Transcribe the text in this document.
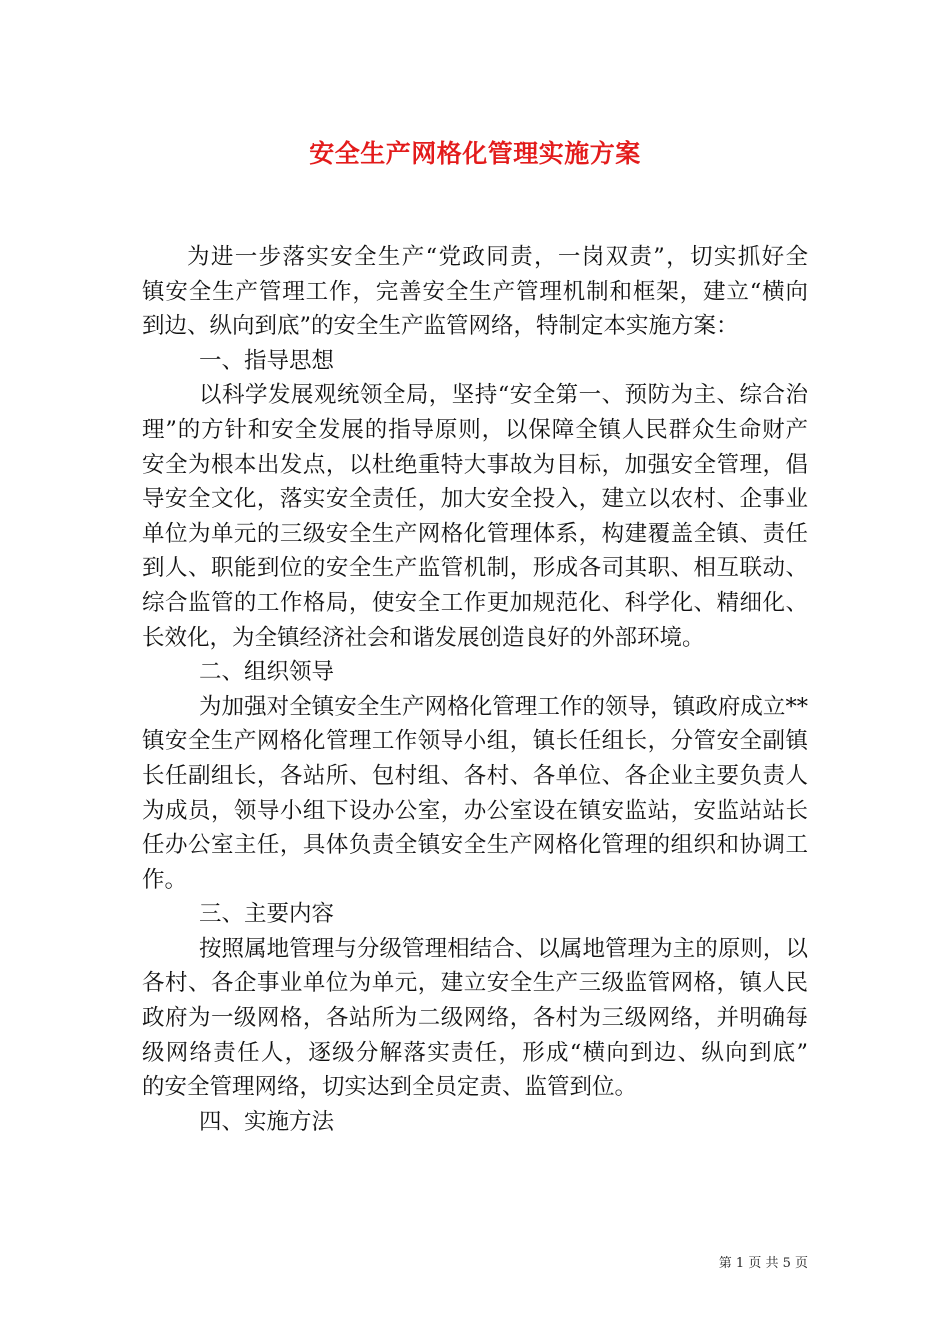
安全生产网格化管理实施方案
为进一步落实安全生产“党政同责，一岗双责”，切实抓好全
镇安全生产管理工作，完善安全生产管理机制和框架，建立“横向
到边、纵向到底”的安全生产监管网络，特制定本实施方案：
一、指导思想
以科学发展观统领全局，坚持“安全第一、预防为主、综合治
理”的方针和安全发展的指导原则，以保障全镇人民群众生命财产
安全为根本出发点，以杜绝重特大事故为目标，加强安全管理，倡
导安全文化，落实安全责任，加大安全投入，建立以农村、企事业
单位为单元的三级安全生产网格化管理体系，构建覆盖全镇、责任
到人、职能到位的安全生产监管机制，形成各司其职、相互联动、
综合监管的工作格局，使安全工作更加规范化、科学化、精细化、
长效化，为全镇经济社会和谐发展创造良好的外部环境。
二、组织领导
为加强对全镇安全生产网格化管理工作的领导，镇政府成立**
镇安全生产网格化管理工作领导小组，镇长任组长，分管安全副镇
长任副组长，各站所、包村组、各村、各单位、各企业主要负责人
为成员，领导小组下设办公室，办公室设在镇安监站，安监站站长
任办公室主任，具体负责全镇安全生产网格化管理的组织和协调工
作。
三、主要内容
按照属地管理与分级管理相结合、以属地管理为主的原则，以
各村、各企事业单位为单元，建立安全生产三级监管网格，镇人民
政府为一级网格，各站所为二级网络，各村为三级网络，并明确每
级网络责任人，逐级分解落实责任，形成“横向到边、纵向到底”
的安全管理网络，切实达到全员定责、监管到位。
四、实施方法
第 1 页 共 5 页
